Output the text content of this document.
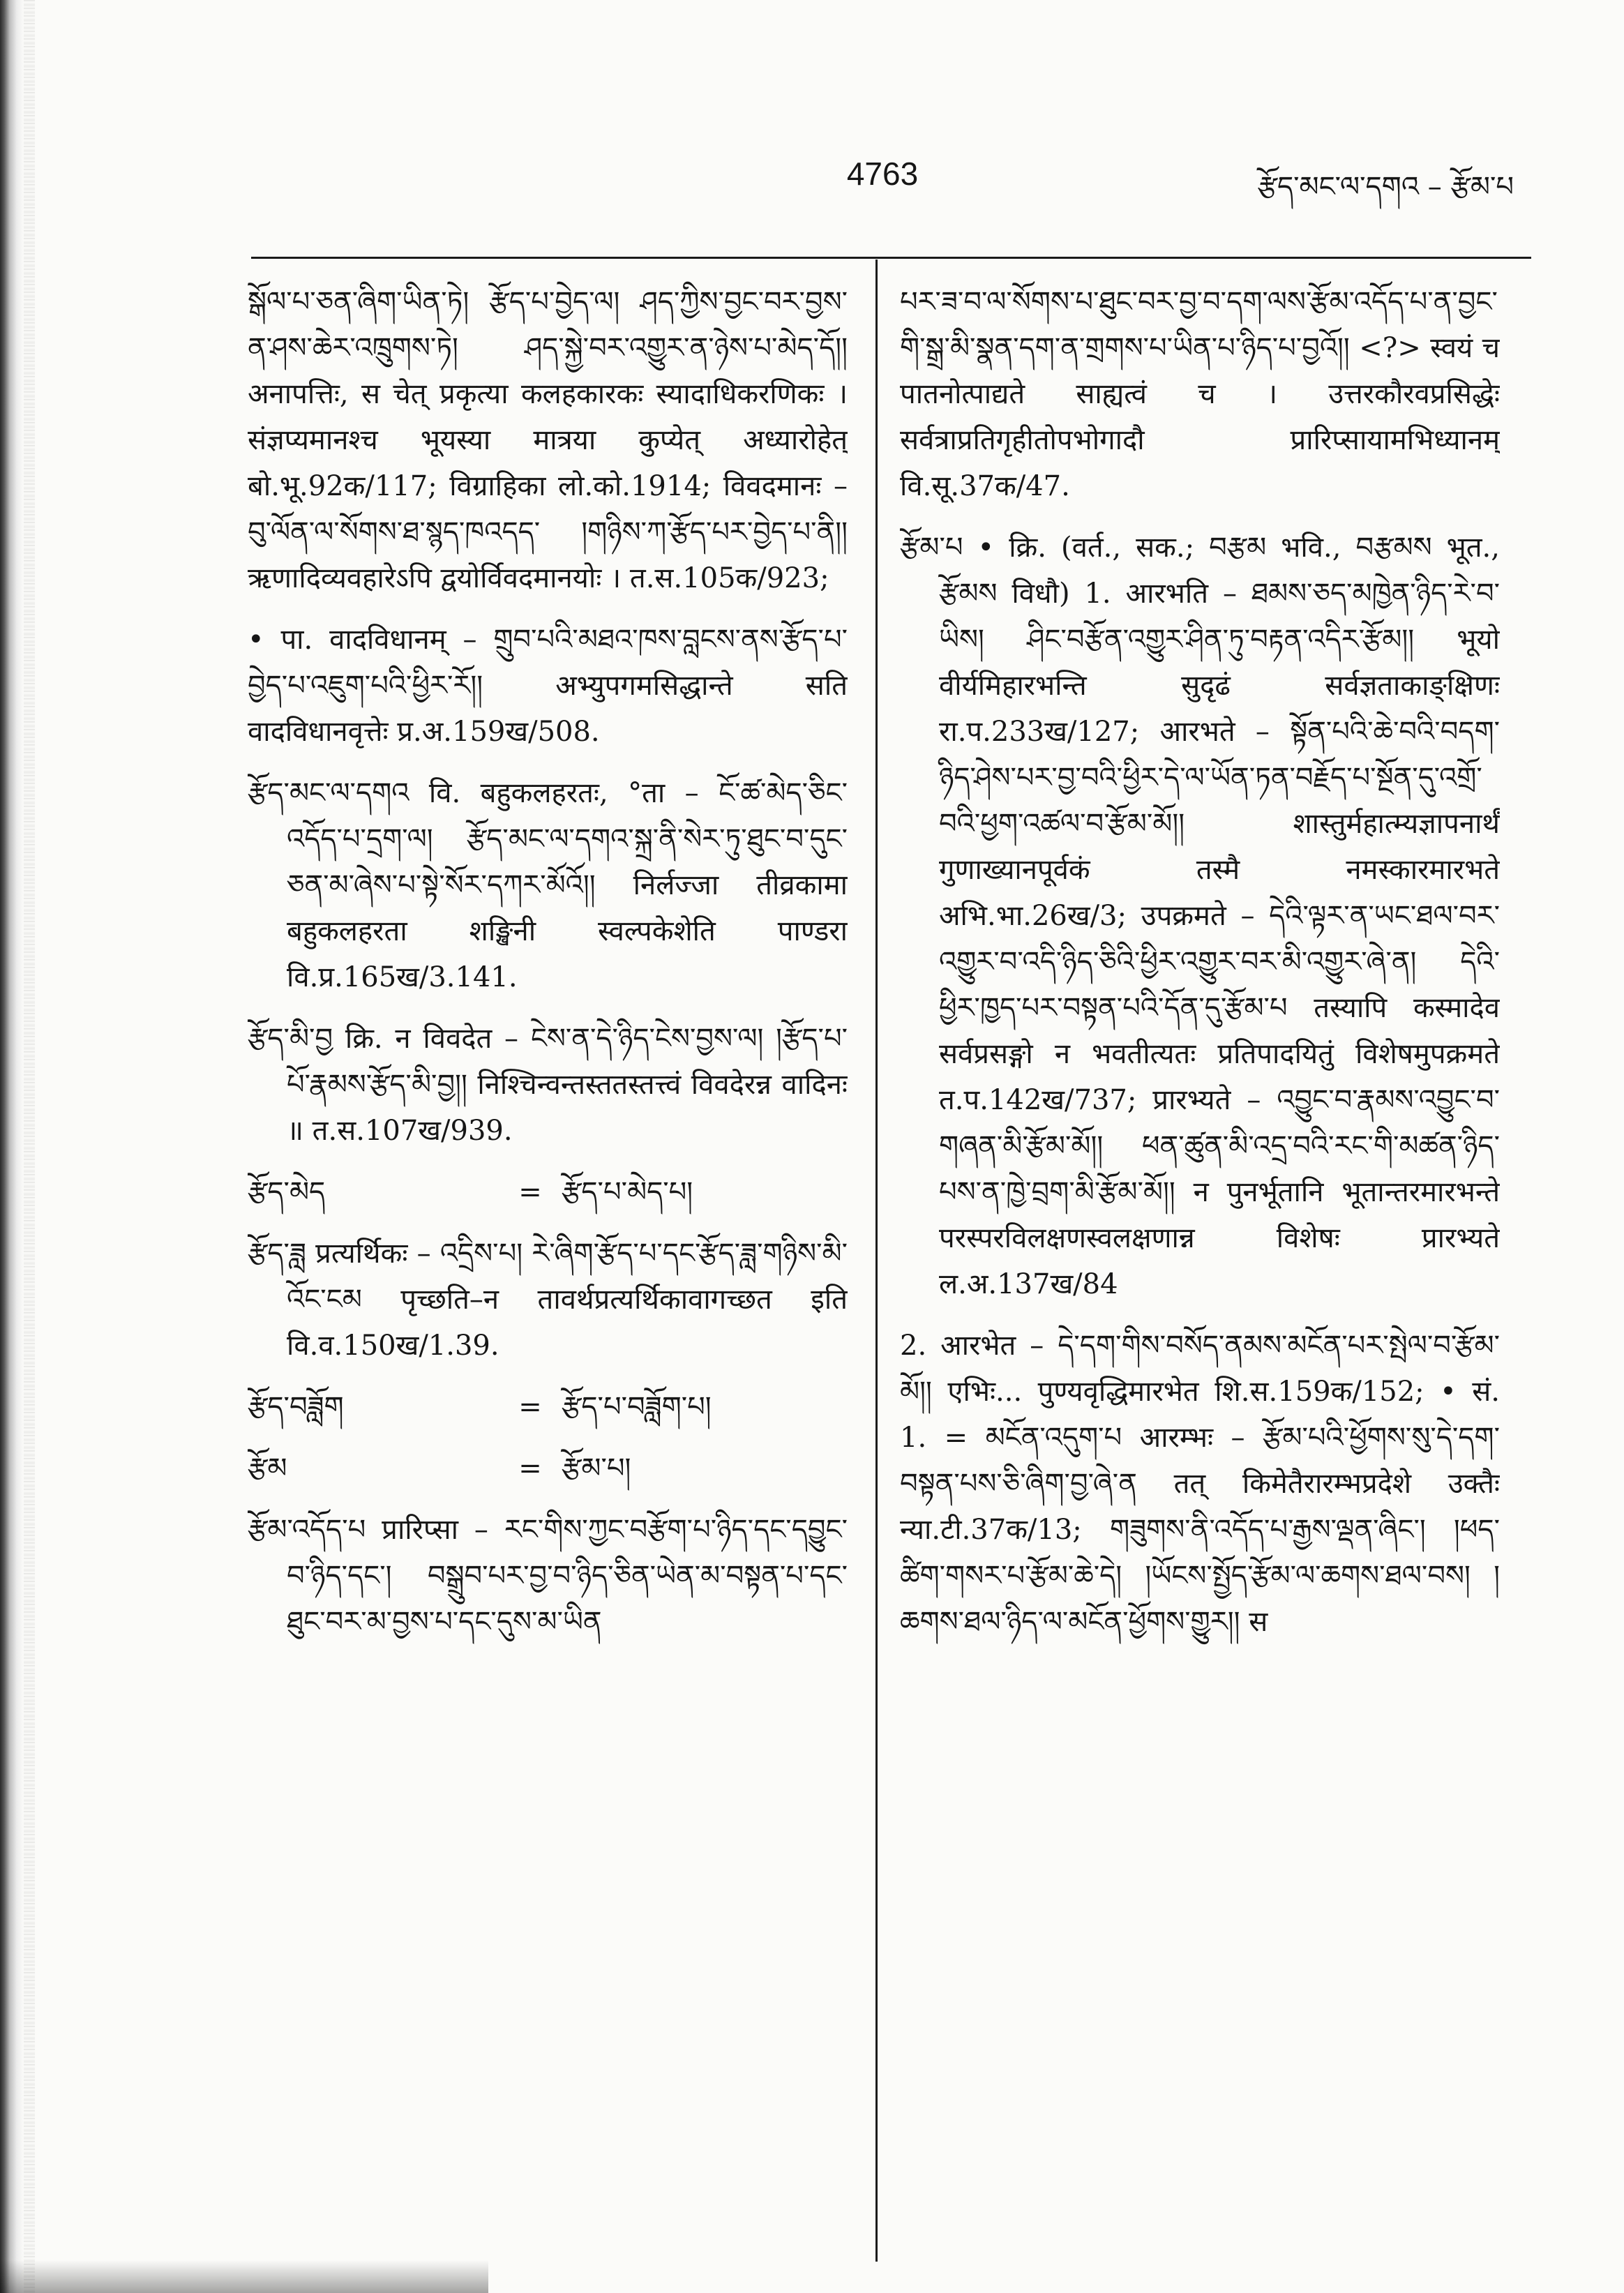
4763	རྩོད་མང་ལ་དགའ – རྩོམ་པ

སྒོལ་པ་ཅན་ཞིག་ཡིན་ཏེ། རྩོད་པ་བྱེད་ལ། ཤད་ཀྱིས་བྱང་བར་བྱས་ན་ཤས་ཆེར་འཁྲུགས་ཏེ། ཤད་སྐྱེ་བར་འགྱུར་ན་ཉེས་པ་མེད་དོ།། अनापत्तिः, स चेत् प्रकृत्या कलहकारकः स्यादाधिकरणिकः । संज्ञप्यमानश्च भूयस्या मात्रया कुप्येत् अध्यारोहेत् बो.भू.92क/117; विग्राहिका लो.को.1914; विवदमानः – བུ་ལོན་ལ་སོགས་ཐ་སྙད་ཁའདད་ །གཉིས་ཀ་རྩོད་པར་བྱེད་པ་ནི།། ऋणादिव्यवहारेऽपि द्वयोर्विवदमानयोः । त.स.105क/923;

• पा. वादविधानम् – གྲུབ་པའི་མཐའ་ཁས་བླངས་ནས་རྩོད་པ་བྱེད་པ་འཇུག་པའི་ཕྱིར་རོ།། अभ्युपगमसिद्धान्ते सति वादविधानवृत्तेः प्र.अ.159ख/508.

རྩོད་མང་ལ་དགའ वि. बहुकलहरतः, °ता – ངོ་ཚ་མེད་ཅིང་འདོད་པ་དྲག་ལ། རྩོད་མང་ལ་དགའ་སྐྲ་ནི་སེར་ཏུ་ཐུང་བ་དུང་ཅན་མ་ཞེས་པ་སྟེ་སོར་དཀར་མོའོ།། निर्लज्जा तीव्रकामा बहुकलहरता शङ्खिनी स्वल्पकेशेति पाण्डरा वि.प्र.165ख/3.141.

རྩོད་མི་བྱ क्रि. न विवदेत – ངེས་ན་དེ་ཉིད་ངེས་བྱས་ལ། །རྩོད་པ་པོ་རྣམས་རྩོད་མི་བྱ།། निश्चिन्वन्तस्ततस्तत्त्वं विवदेरन्न वादिनः ॥ त.स.107ख/939.

རྩོད་མེད	= རྩོད་པ་མེད་པ།

རྩོད་ཟླ प्रत्यर्थिकः – འདྲིས་པ། རེ་ཞིག་རྩོད་པ་དང་རྩོད་ཟླ་གཉིས་མི་འོང་ངམ पृच्छति–न तावर्थप्रत्यर्थिकावागच्छत इति वि.व.150ख/1.39.

རྩོད་བཟློག	= རྩོད་པ་བཟློག་པ།
རྩོམ	= རྩོམ་པ།

རྩོམ་འདོད་པ प्रारिप्सा – རང་གིས་ཀྱང་བརྩོག་པ་ཉིད་དང་དབྱུང་བ་ཉིད་དང་། བསྒྲུབ་པར་བྱ་བ་ཉིད་ཅིན་ཡེན་མ་བསྟན་པ་དང་ཐུང་བར་མ་བྱས་པ་དང་དུས་མ་ཡིན

པར་ཟ་བ་ལ་སོགས་པ་ཐུང་བར་བྱ་བ་དག་ལས་རྩོམ་འདོད་པ་ན་བྱང་གི་སྒྲ་མི་སྣན་དག་ན་གྲགས་པ་ཡིན་པ་ཉིད་པ་བྱའོ།། <?> स्वयं च पातनोत्पाद्यते साह्यत्वं च । उत्तरकौरवप्रसिद्धेः सर्वत्राप्रतिगृहीतोपभोगादौ प्रारिप्सायामभिध्यानम् वि.सू.37क/47.

རྩོམ་པ • क्रि. (वर्त., सक.; བརྩམ भवि., བརྩམས भूत., རྩོམས विधौ) 1. आरभति – ཐམས་ཅད་མཁྱེན་ཉིད་རེ་བ་ཡིས། ཤིང་བརྩོན་འགྱུར་ཤིན་ཏུ་བརྟན་འདིར་རྩོམ།། भूयो वीर्यमिहारभन्ति सुदृढं सर्वज्ञताकाङ्क्षिणः रा.प.233ख/127; आरभते – སྟོན་པའི་ཆེ་བའི་བདག་ཉིད་ཤེས་པར་བྱ་བའི་ཕྱིར་དེ་ལ་ཡོན་ཏན་བརྗོད་པ་སྔོན་དུ་འགྲོ་བའི་ཕྱག་འཚལ་བ་རྩོམ་མོ།། शास्तुर्महात्म्यज्ञापनार्थं गुणाख्यानपूर्वकं तस्मै नमस्कारमारभते अभि.भा.26ख/3; उपक्रमते – དེའི་ལྟར་ན་ཡང་ཐལ་བར་འགྱུར་བ་འདི་ཉིད་ཅིའི་ཕྱིར་འགྱུར་བར་མི་འགྱུར་ཞེ་ན། དེའི་ཕྱིར་ཁྱད་པར་བསྟན་པའི་དོན་དུ་རྩོམ་པ तस्यापि कस्मादेव सर्वप्रसङ्गो न भवतीत्यतः प्रतिपादयितुं विशेषमुपक्रमते त.प.142ख/737; प्रारभ्यते – འབྱུང་བ་རྣམས་འབྱུང་བ་གཞན་མི་རྩོམ་མོ།། ཕན་ཚུན་མི་འདྲ་བའི་རང་གི་མཚན་ཉིད་པས་ན་ཁྱེ་བྲག་མི་རྩོམ་མོ།། न पुनर्भूतानि भूतान्तरमारभन्ते परस्परविलक्षणस्वलक्षणान्न विशेषः प्रारभ्यते ल.अ.137ख/84

2. आरभेत – དེ་དག་གིས་བསོད་ནམས་མངོན་པར་སྤེལ་བ་རྩོམ་མོ།། एभिः... पुण्यवृद्धिमारभेत शि.स.159क/152; • सं. 1. = མངོན་འདུག་པ आरम्भः – རྩོམ་པའི་ཕྱོགས་སུ་དེ་དག་བསྟན་པས་ཅི་ཞིག་བྱ་ཞེ་ན तत् किमेतैरारम्भप्रदेशे उक्तैः न्या.टी.37क/13; གཟུགས་ནི་འདོད་པ་རྒྱས་ལྡན་ཞིང་། །ཕད་ཚིག་གསར་པ་རྩོམ་ཆེ་དེ། །ཡོངས་སྤྱོད་རྩོམ་ལ་ཆགས་ཐལ་བས། །ཆགས་ཐལ་ཉིད་ལ་མངོན་ཕྱོགས་གྱུར།། स
